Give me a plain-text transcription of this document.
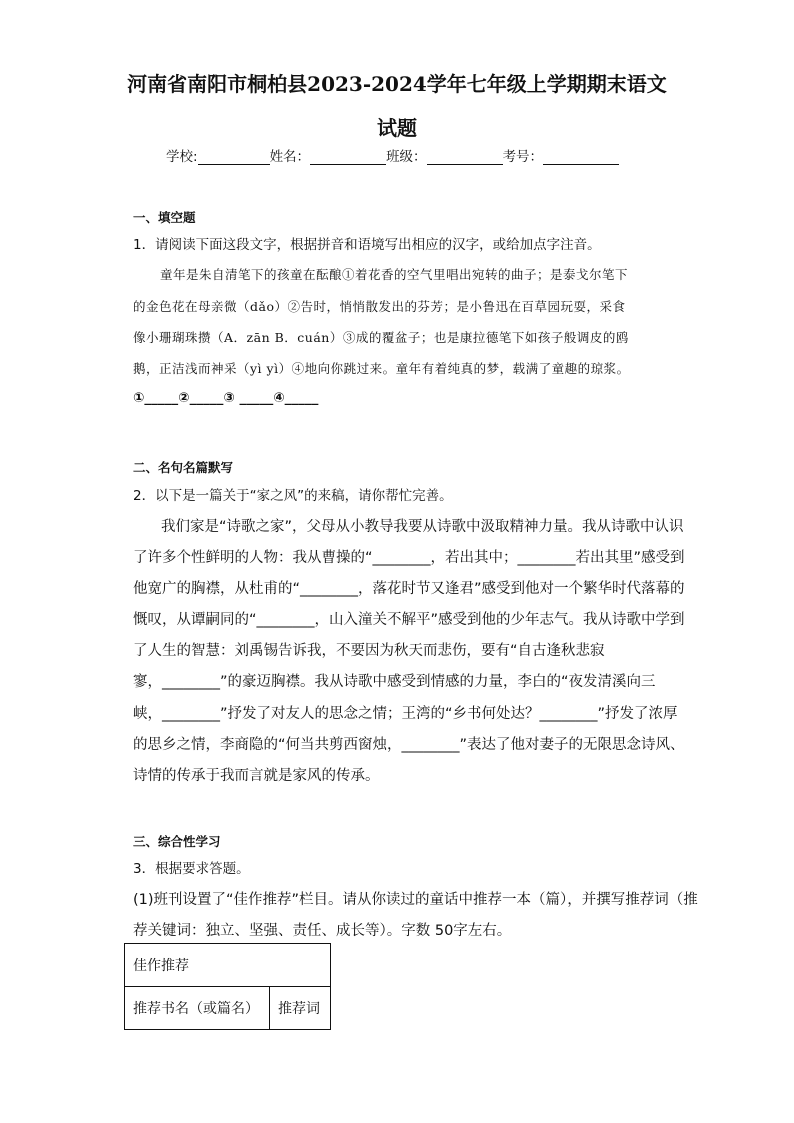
河南省南阳市桐柏县2023-2024学年七年级上学期期末语文
试题
学校:	姓名：	班级：	考号：
一、填空题
1．请阅读下面这段文字，根据拼音和语境写出相应的汉字，或给加点字注音。
童年是朱自清笔下的孩童在酝酿①着花香的空气里唱出宛转的曲子；是泰戈尔笔下
的金色花在母亲微（dǎo）②告时，悄悄散发出的芬芳；是小鲁迅在百草园玩耍，采食
像小珊瑚珠攒（A．zān B．cuán）③成的覆盆子；也是康拉德笔下如孩子般调皮的鸥
鹅，正洁浅而神采（yì yì）④地向你跳过来。童年有着纯真的梦，载满了童趣的琼浆。
①_____②_____③ _____④_____
二、名句名篇默写
2．以下是一篇关于“家之风”的来稿，请你帮忙完善。
我们家是“诗歌之家”，父母从小教导我要从诗歌中汲取精神力量。我从诗歌中认识
了许多个性鲜明的人物：我从曹操的“________，若出其中；________若出其里”感受到
他宽广的胸襟，从杜甫的“________，落花时节又逢君”感受到他对一个繁华时代落幕的
慨叹，从谭嗣同的“________，山入潼关不解平”感受到他的少年志气。我从诗歌中学到
了人生的智慧：刘禹锡告诉我，不要因为秋天而悲伤，要有“自古逢秋悲寂
寥，________”的豪迈胸襟。我从诗歌中感受到情感的力量，李白的“夜发清溪向三
峡，________”抒发了对友人的思念之情；王湾的“乡书何处达？________”抒发了浓厚
的思乡之情，李商隐的“何当共剪西窗烛，________”表达了他对妻子的无限思念诗风、
诗情的传承于我而言就是家风的传承。
三、综合性学习
3．根据要求答题。
(1)班刊设置了“佳作推荐”栏目。请从你读过的童话中推荐一本（篇），并撰写推荐词（推
荐关键词：独立、坚强、责任、成长等）。字数 50字左右。
佳作推荐
推荐书名（或篇名）	推荐词
